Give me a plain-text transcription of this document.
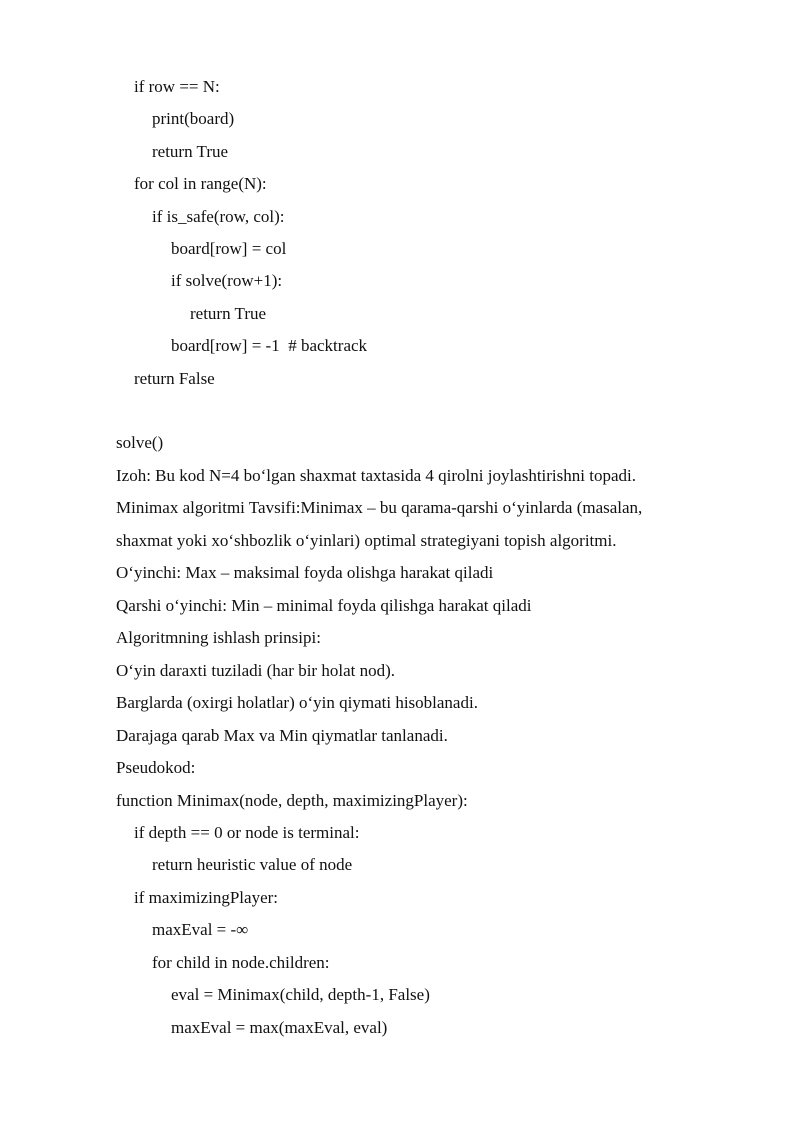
if row == N:
print(board)
return True
for col in range(N):
if is_safe(row, col):
board[row] = col
if solve(row+1):
return True
board[row] = -1  # backtrack
return False
solve()
Izoh: Bu kod N=4 bo‘lgan shaxmat taxtasida 4 qirolni joylashtirishni topadi.
Minimax algoritmi Tavsifi:Minimax – bu qarama-qarshi o‘yinlarda (masalan,
shaxmat yoki xo‘shbozlik o‘yinlari) optimal strategiyani topish algoritmi.
O‘yinchi: Max – maksimal foyda olishga harakat qiladi
Qarshi o‘yinchi: Min – minimal foyda qilishga harakat qiladi
Algoritmning ishlash prinsipi:
O‘yin daraxti tuziladi (har bir holat nod).
Barglarda (oxirgi holatlar) o‘yin qiymati hisoblanadi.
Darajaga qarab Max va Min qiymatlar tanlanadi.
Pseudokod:
function Minimax(node, depth, maximizingPlayer):
if depth == 0 or node is terminal:
return heuristic value of node
if maximizingPlayer:
maxEval = -∞
for child in node.children:
eval = Minimax(child, depth-1, False)
maxEval = max(maxEval, eval)
